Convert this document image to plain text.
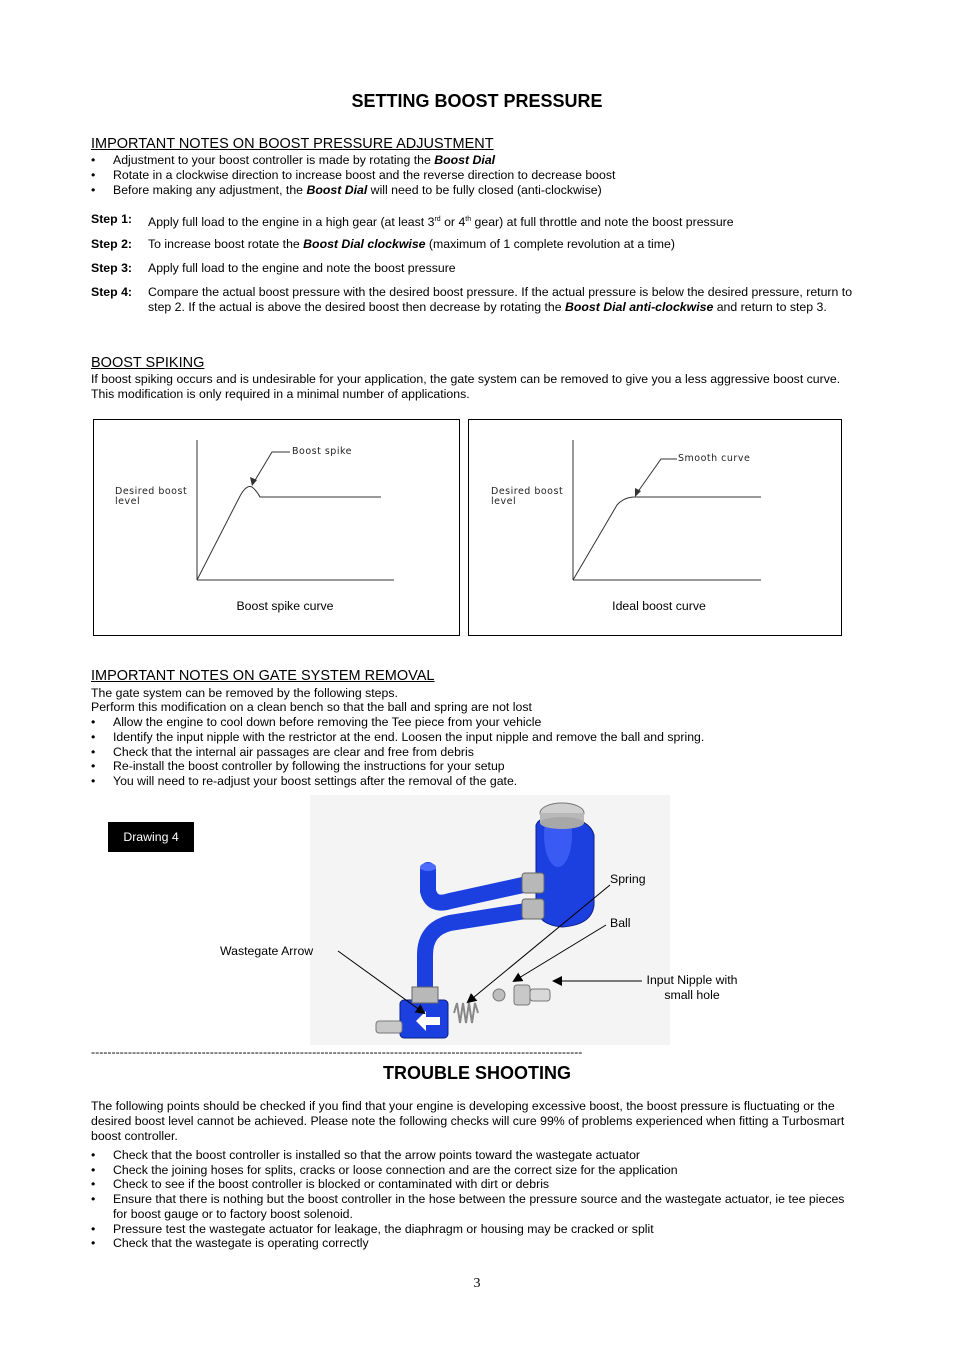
SETTING BOOST PRESSURE
IMPORTANT NOTES ON BOOST PRESSURE ADJUSTMENT
• Adjustment to your boost controller is made by rotating the Boost Dial
• Rotate in a clockwise direction to increase boost and the reverse direction to decrease boost
• Before making any adjustment, the Boost Dial will need to be fully closed (anti-clockwise)
Step 1: Apply full load to the engine in a high gear (at least 3rd or 4th gear) at full throttle and note the boost pressure
Step 2: To increase boost rotate the Boost Dial clockwise (maximum of 1 complete revolution at a time)
Step 3: Apply full load to the engine and note the boost pressure
Step 4: Compare the actual boost pressure with the desired boost pressure. If the actual pressure is below the desired pressure, return to step 2. If the actual is above the desired boost then decrease by rotating the Boost Dial anti-clockwise and return to step 3.
BOOST SPIKING
If boost spiking occurs and is undesirable for your application, the gate system can be removed to give you a less aggressive boost curve. This modification is only required in a minimal number of applications.
Boost spike
Desired boost
level
Boost spike curve
Smooth curve
Desired boost
level
Ideal boost curve
IMPORTANT NOTES ON GATE SYSTEM REMOVAL
The gate system can be removed by the following steps.
Perform this modification on a clean bench so that the ball and spring are not lost
• Allow the engine to cool down before removing the Tee piece from your vehicle
• Identify the input nipple with the restrictor at the end. Loosen the input nipple and remove the ball and spring.
• Check that the internal air passages are clear and free from debris
• Re-install the boost controller by following the instructions for your setup
• You will need to re-adjust your boost settings after the removal of the gate.
Drawing 4
Spring
Ball
Wastegate Arrow
Input Nipple with
small hole
------------------------------------------------------------------------------------------------------------------------
TROUBLE SHOOTING
The following points should be checked if you find that your engine is developing excessive boost, the boost pressure is fluctuating or the desired boost level cannot be achieved. Please note the following checks will cure 99% of problems experienced when fitting a Turbosmart boost controller.
• Check that the boost controller is installed so that the arrow points toward the wastegate actuator
• Check the joining hoses for splits, cracks or loose connection and are the correct size for the application
• Check to see if the boost controller is blocked or contaminated with dirt or debris
• Ensure that there is nothing but the boost controller in the hose between the pressure source and the wastegate actuator, ie tee pieces for boost gauge or to factory boost solenoid.
• Pressure test the wastegate actuator for leakage, the diaphragm or housing may be cracked or split
• Check that the wastegate is operating correctly
3
